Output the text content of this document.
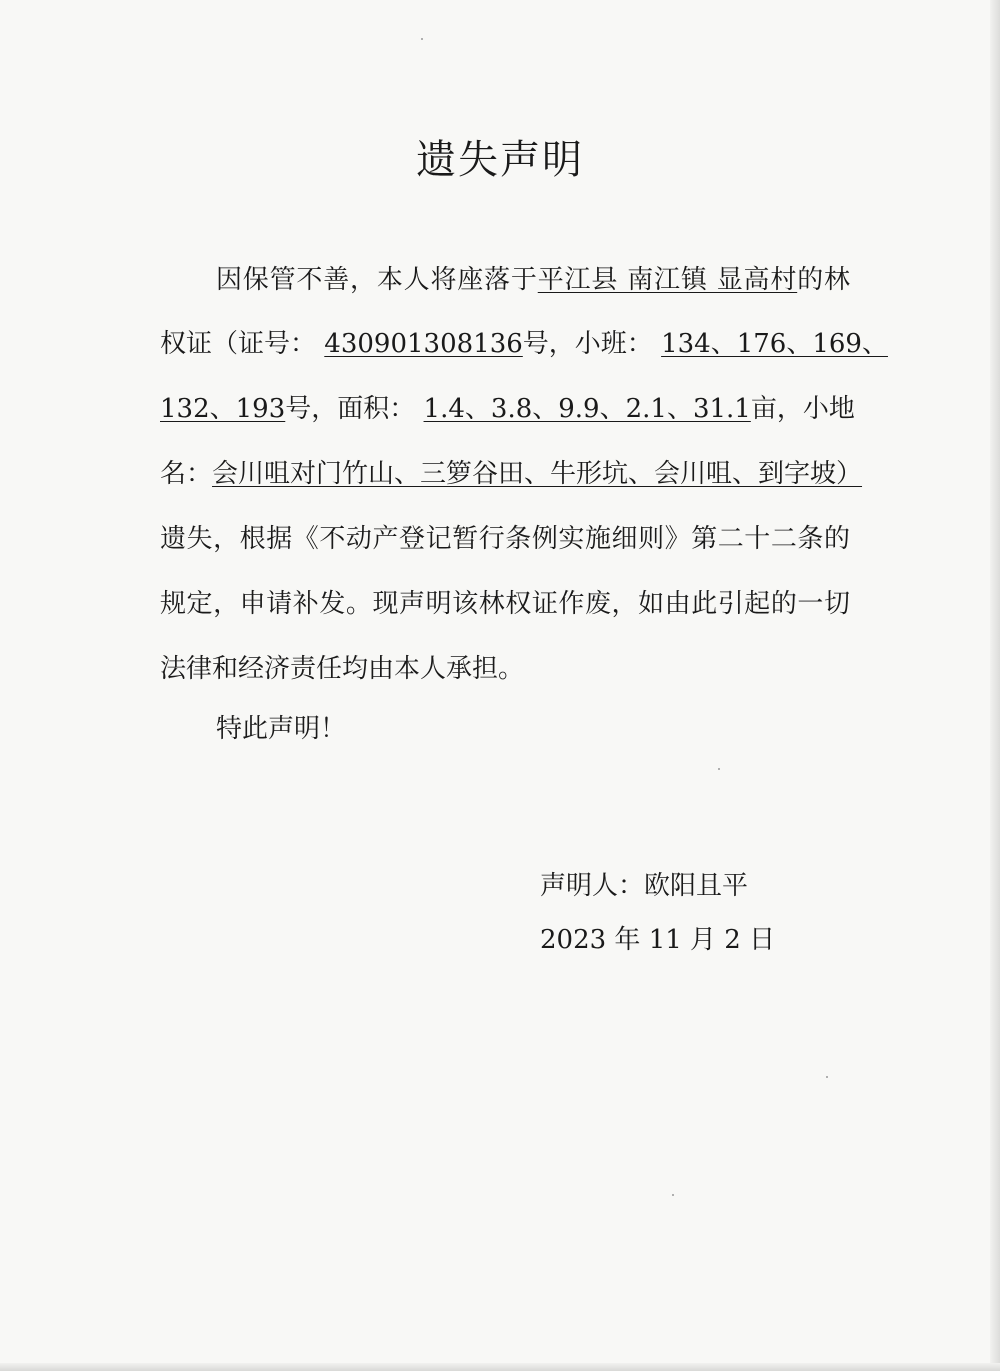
遗失声明
因保管不善，本人将座落于平江县 南江镇 显高村的林
权证（证号： 430901308136号，小班： 134、176、169、
132、193号，面积： 1.4、3.8、9.9、2.1、31.1亩，小地
名：会川咀对门竹山、三箩谷田、牛形坑、会川咀、到字坡）
遗失，根据《不动产登记暂行条例实施细则》第二十二条的
规定，申请补发。现声明该林权证作废，如由此引起的一切
法律和经济责任均由本人承担。
特此声明！
声明人：欧阳且平
2023 年 11 月 2 日
